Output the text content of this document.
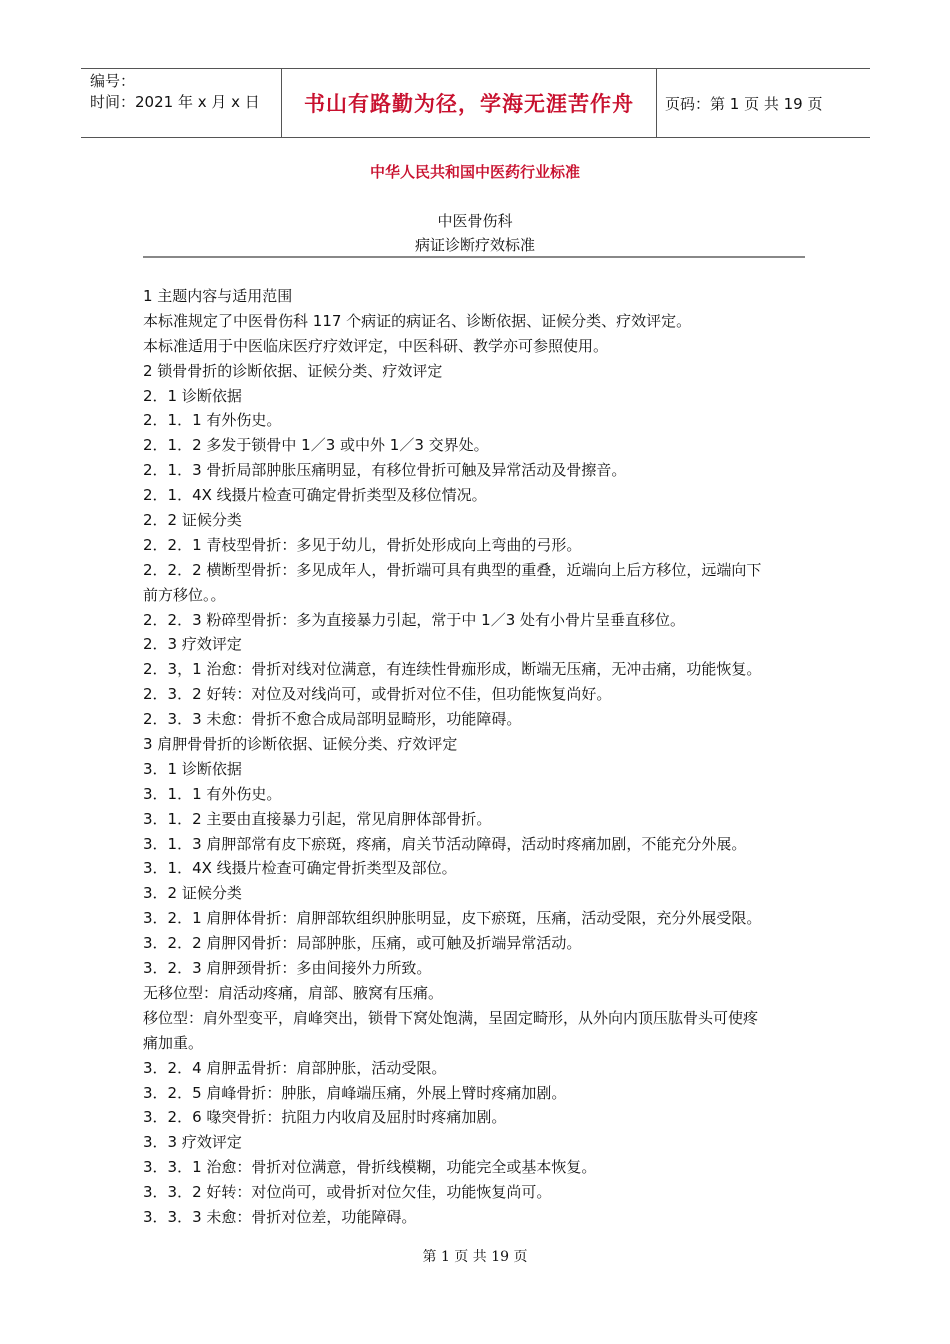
编号：
时间：2021 年 x 月 x 日	书山有路勤为径，学海无涯苦作舟	页码：第 1 页 共 19 页
中华人民共和国中医药行业标准
中医骨伤科
病证诊断疗效标准
1 主题内容与适用范围
本标准规定了中医骨伤科 117 个病证的病证名、诊断依据、证候分类、疗效评定。
本标准适用于中医临床医疗疗效评定，中医科研、教学亦可参照使用。
2 锁骨骨折的诊断依据、证候分类、疗效评定
2．1 诊断依据
2．1．1 有外伤史。
2．1．2 多发于锁骨中 1／3 或中外 1／3 交界处。
2．1．3 骨折局部肿胀压痛明显，有移位骨折可触及异常活动及骨擦音。
2．1．4X 线摄片检查可确定骨折类型及移位情况。
2．2 证候分类
2．2．1 青枝型骨折：多见于幼儿，骨折处形成向上弯曲的弓形。
2．2．2 横断型骨折：多见成年人，骨折端可具有典型的重叠，近端向上后方移位，远端向下
前方移位。。
2．2．3 粉碎型骨折：多为直接暴力引起，常于中 1／3 处有小骨片呈垂直移位。
2．3 疗效评定
2．3，1 治愈：骨折对线对位满意，有连续性骨痂形成，断端无压痛，无冲击痛，功能恢复。
2．3．2 好转：对位及对线尚可，或骨折对位不佳，但功能恢复尚好。
2．3．3 未愈：骨折不愈合成局部明显畸形，功能障碍。
3 肩胛骨骨折的诊断依据、证候分类、疗效评定
3．1 诊断依据
3．1．1 有外伤史。
3．1．2 主要由直接暴力引起，常见肩胛体部骨折。
3．1．3 肩胛部常有皮下瘀斑，疼痛，肩关节活动障碍，活动时疼痛加剧，不能充分外展。
3．1．4X 线摄片检查可确定骨折类型及部位。
3．2 证候分类
3．2．1 肩胛体骨折：肩胛部软组织肿胀明显，皮下瘀斑，压痛，活动受限，充分外展受限。
3．2．2 肩胛冈骨折：局部肿胀，压痛，或可触及折端异常活动。
3．2．3 肩胛颈骨折：多由间接外力所致。
无移位型：肩活动疼痛，肩部、腋窝有压痛。
移位型：肩外型变平，肩峰突出，锁骨下窝处饱满，呈固定畸形，从外向内顶压肱骨头可使疼
痛加重。
3．2．4 肩胛盂骨折：肩部肿胀，活动受限。
3．2．5 肩峰骨折：肿胀，肩峰端压痛，外展上臂时疼痛加剧。
3．2．6 喙突骨折：抗阻力内收肩及屈肘时疼痛加剧。
3．3 疗效评定
3．3．1 治愈：骨折对位满意，骨折线模糊，功能完全或基本恢复。
3．3．2 好转：对位尚可，或骨折对位欠佳，功能恢复尚可。
3．3．3 未愈：骨折对位差，功能障碍。
第 1 页 共 19 页
